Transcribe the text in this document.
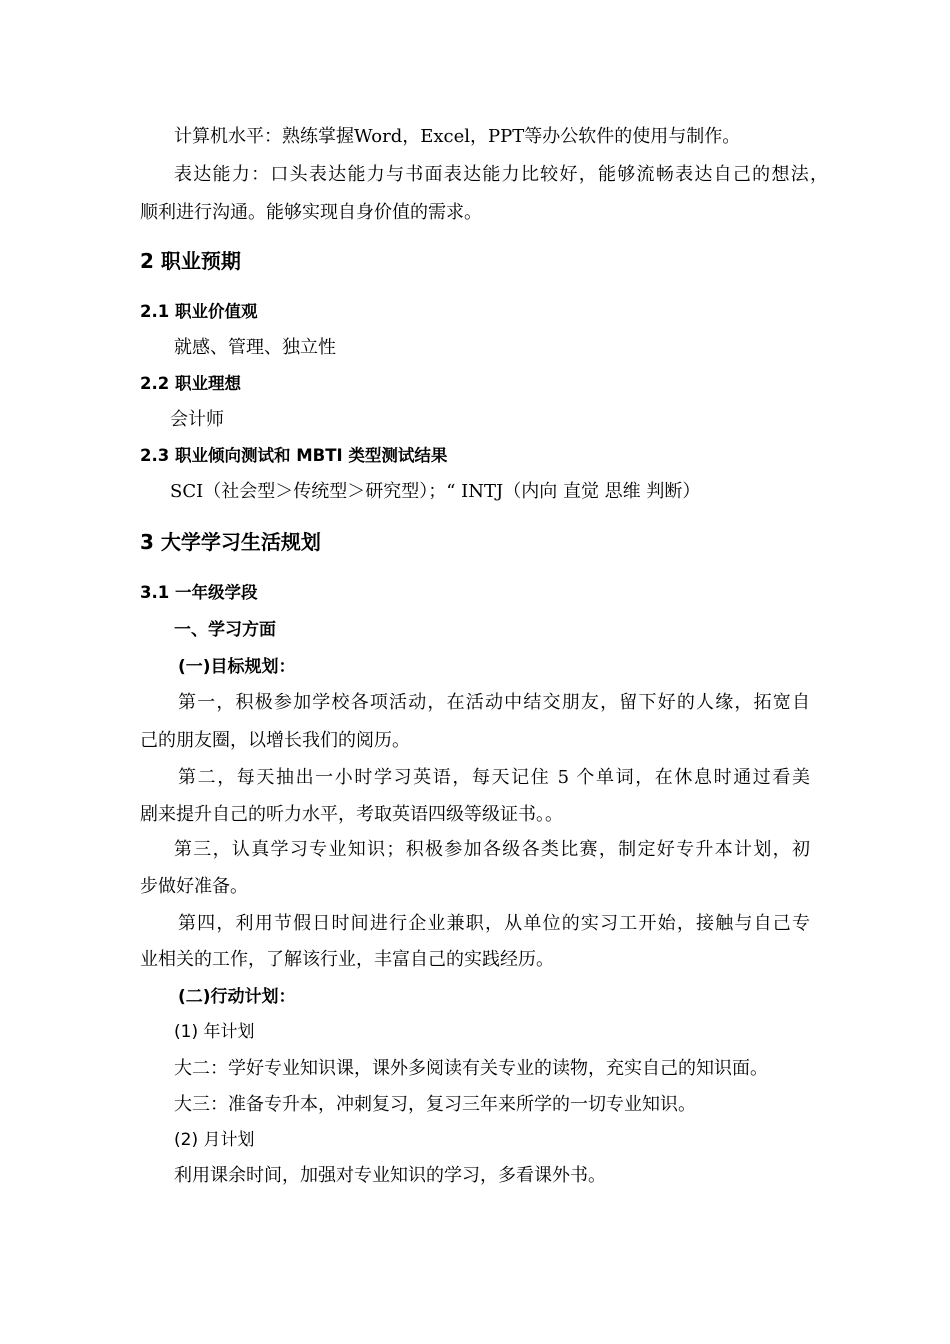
计算机水平：熟练掌握Word，Excel，PPT等办公软件的使用与制作。
表达能力：口头表达能力与书面表达能力比较好，能够流畅表达自己的想法，
顺利进行沟通。能够实现自身价值的需求。
2 职业预期
2.1 职业价值观
就感、管理、独立性
2.2 职业理想
会计师
2.3 职业倾向测试和 MBTI 类型测试结果
SCI（社会型＞传统型＞研究型）；“ INTJ（内向 直觉 思维 判断）
3 大学学习生活规划
3.1 一年级学段
一、学习方面
(一)目标规划：
第一，积极参加学校各项活动，在活动中结交朋友，留下好的人缘，拓宽自
己的朋友圈，以增长我们的阅历。
第二，每天抽出一小时学习英语，每天记住 5 个单词，在休息时通过看美
剧来提升自己的听力水平，考取英语四级等级证书。。
第三，认真学习专业知识；积极参加各级各类比赛，制定好专升本计划，初
步做好准备。
第四，利用节假日时间进行企业兼职，从单位的实习工开始，接触与自己专
业相关的工作，了解该行业，丰富自己的实践经历。
(二)行动计划：
(1) 年计划
大二：学好专业知识课，课外多阅读有关专业的读物，充实自己的知识面。
大三：准备专升本，冲刺复习，复习三年来所学的一切专业知识。
(2) 月计划
利用课余时间，加强对专业知识的学习，多看课外书。
